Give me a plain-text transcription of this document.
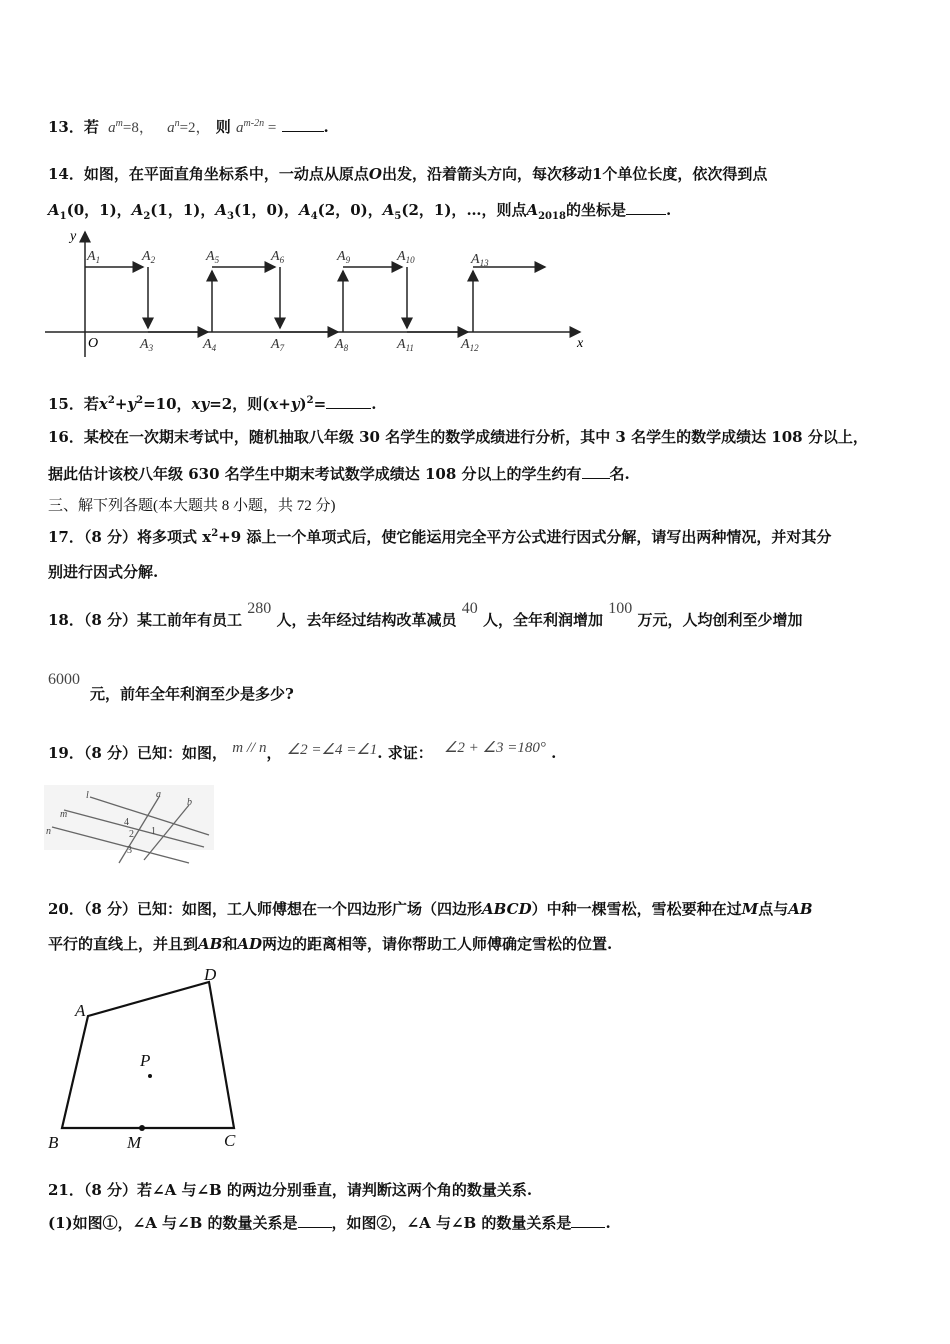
13．若 $a^m=8$， $a^n=2$， 则 $a^{m-2n}$ =	.
14．如图，在平面直角坐标系中，一动点从原点O出发，沿着箭头方向，每次移动1个单位长度，依次得到点
$A_1(0$，1)，$A_2(1$，1)，$A_3(1$，0)，$A_4(2$，0)，$A_5(2$，1)，…，则点$A_{2018}$的坐标是	.
y
x
O
$A_1$	$A_2$	$A_5$	$A_6$	$A_9$	$A_{10}$	$A_{13}$
$A_3$	$A_4$	$A_7$	$A_8$	$A_{11}$	$A_{12}$
15．若$x^2+y^2=10$，xy=2，则$(x+y)^2=$	.
16．某校在一次期末考试中，随机抽取八年级 30 名学生的数学成绩进行分析，其中 3 名学生的数学成绩达 108 分以上，
据此估计该校八年级 630 名学生中期末考试数学成绩达 108 分以上的学生约有 名.
三、解下列各题(本大题共 8 小题，共 72 分)
17．（8 分）将多项式 $x^2+9$ 添上一个单项式后，使它能运用完全平方公式进行因式分解，请写出两种情况，并对其分
别进行因式分解.
18．（8 分）某工前年有员工 280 人，去年经过结构改革减员 40 人，全年利润增加 100 万元，人均创利至少增加
6000
元，前年全年利润至少是多少?
19．（8 分）已知：如图， m // n， ∠2 =∠4 =∠1. 求证： ∠2 + ∠3 =180° .
l	a
b
m
n
4
1
2
3
20．（8 分）已知：如图，工人师傅想在一个四边形广场（四边形ABCD）中种一棵雪松，雪松要种在过M点与AB
平行的直线上，并且到AB和AD两边的距离相等，请你帮助工人师傅确定雪松的位置.
A
D
B	C
M
P
21．（8 分）若∠A 与∠B 的两边分别垂直，请判断这两个角的数量关系.
(1)如图①，∠A 与∠B 的数量关系是 ，如图②，∠A 与∠B 的数量关系是 .
